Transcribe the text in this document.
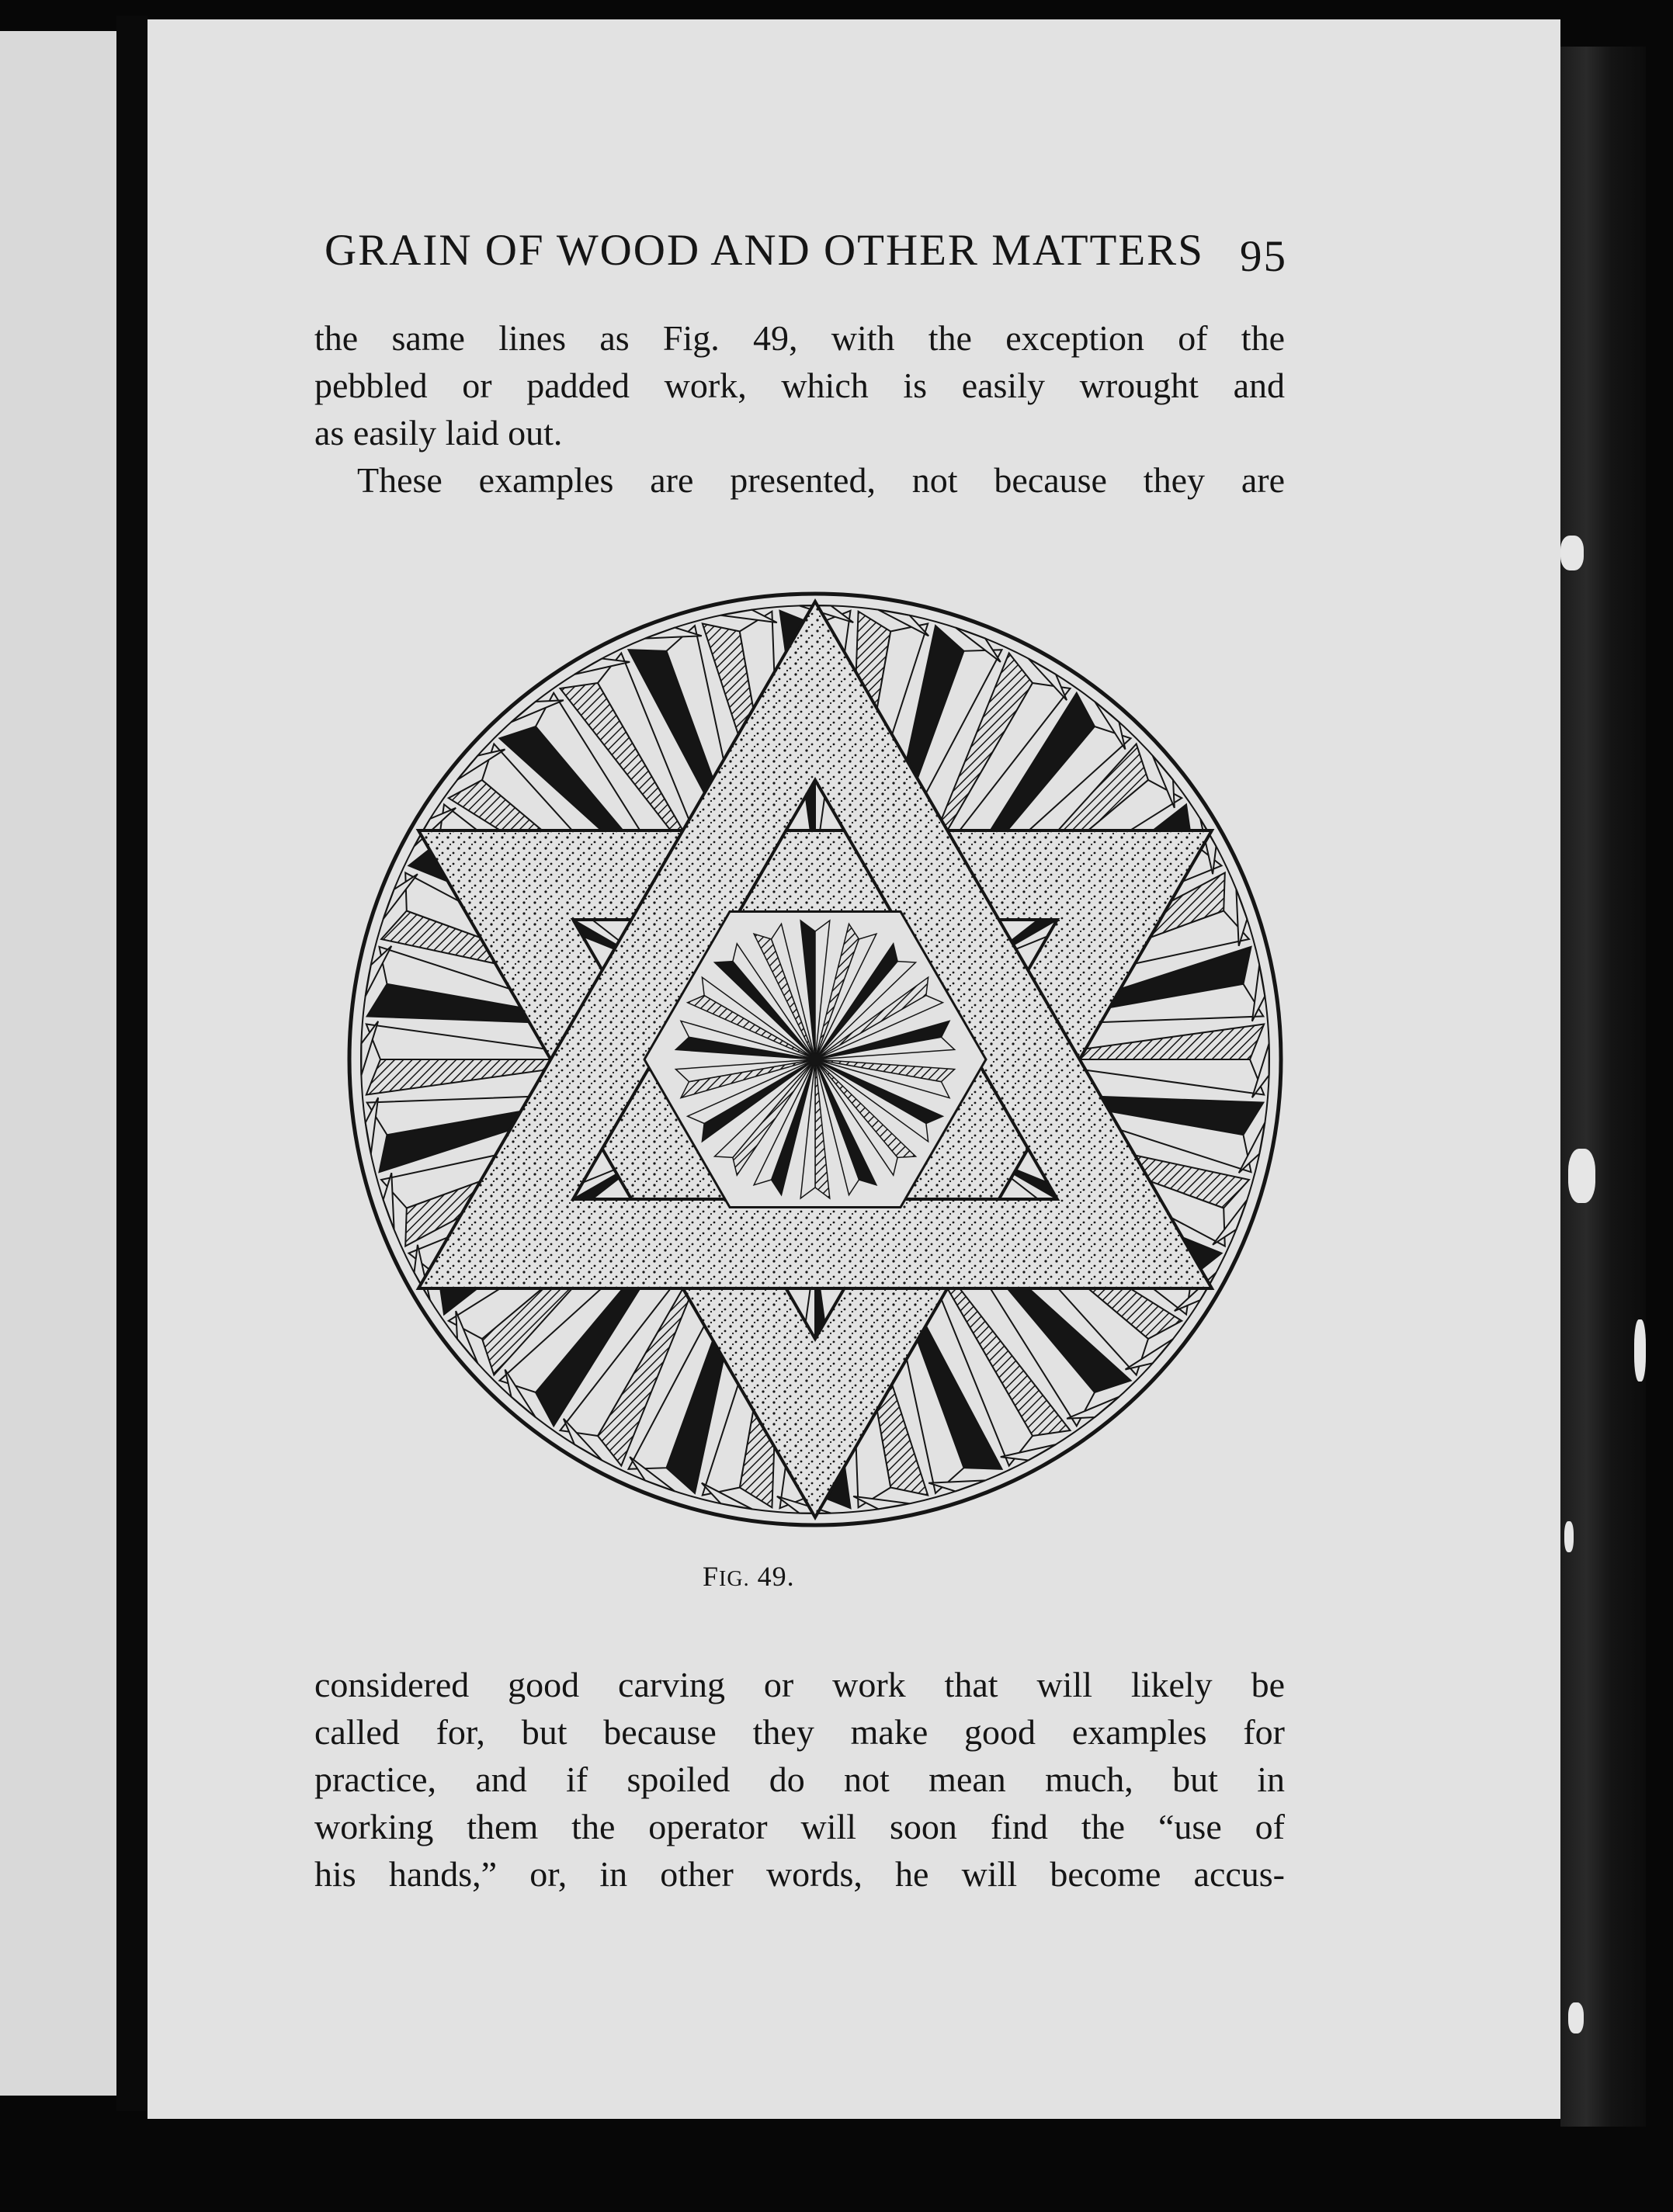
GRAIN OF WOOD AND OTHER MATTERS 95
the same lines as Fig. 49, with the exception of the
pebbled or padded work, which is easily wrought and
as easily laid out.
These examples are presented, not because they are
FIG. 49.
considered good carving or work that will likely be
called for, but because they make good examples for
practice, and if spoiled do not mean much, but in
working them the operator will soon find the “use of
his hands,” or, in other words, he will become accus-
